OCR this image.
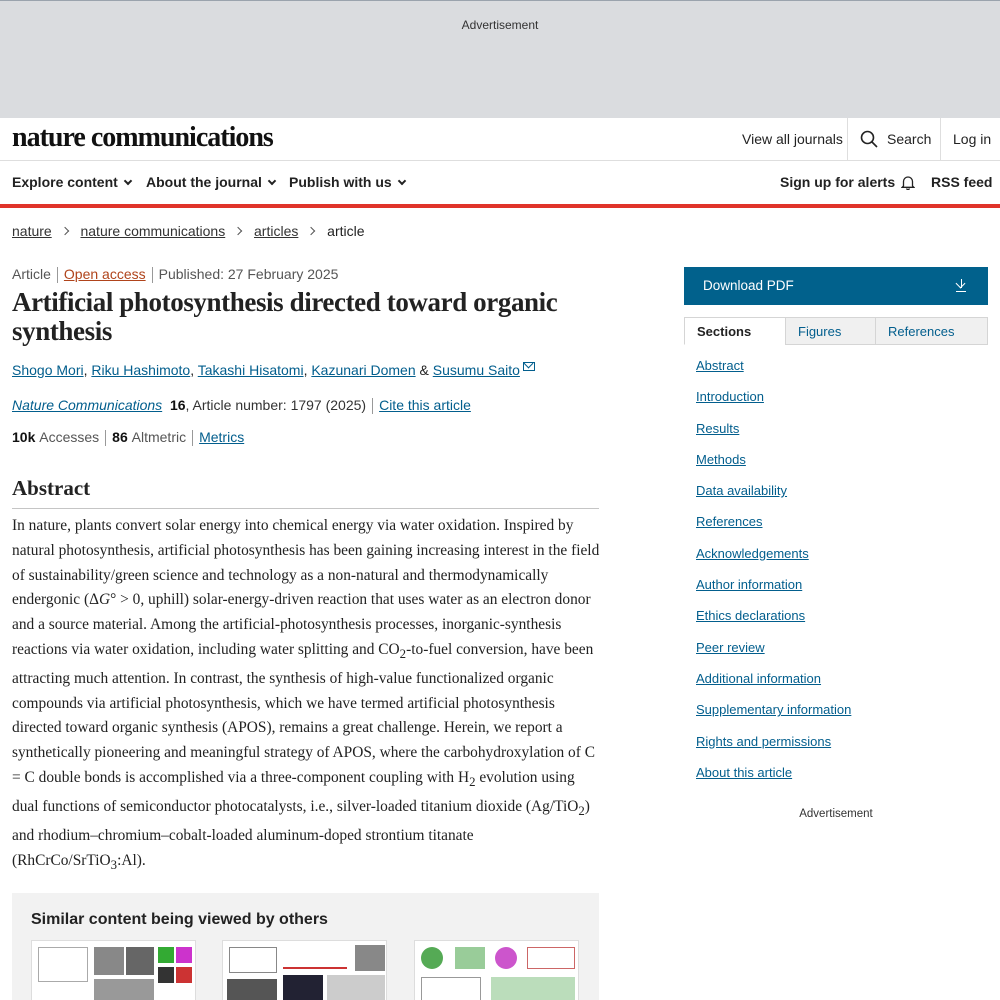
Advertisement
nature communications	View all journals	Search Log in
Explore content	About the journal	Publish with us	Sign up for alerts	RSS feed
nature nature communications articles article
Article Open access Published: 27 February 2025
Artificial photosynthesis directed toward organic synthesis
Shogo Mori, Riku Hashimoto, Takashi Hisatomi, Kazunari Domen & Susumu Saito
Nature Communications 16, Article number: 1797 (2025) Cite this article
10k Accesses 86 Altmetric Metrics
Abstract

In nature, plants convert solar energy into chemical energy via water oxidation. Inspired by natural photosynthesis, artificial photosynthesis has been gaining increasing interest in the field of sustainability/green science and technology as a non-natural and thermodynamically endergonic (ΔG° > 0, uphill) solar-energy-driven reaction that uses water as an electron donor and a source material. Among the artificial-photosynthesis processes, inorganic-synthesis reactions via water oxidation, including water splitting and $CO_2-to$-fuel conversion, have been attracting much attention. In contrast, the synthesis of high-value functionalized organic compounds via artificial photosynthesis, which we have termed artificial photosynthesis directed toward organic synthesis (APOS), remains a great challenge. Herein, we report a synthetically pioneering and meaningful strategy of APOS, where the carbohydroxylation of C = C double bonds is accomplished via a three-component coupling with $H_2$ evolution using dual functions of semiconductor photocatalysts, i.e., silver-loaded titanium dioxide (Ag/TiO$_2$) and rhodium–chromium–cobalt-loaded aluminum-doped strontium titanate (RhCrCo/SrTiO$_3$:Al).

Similar content being viewed by others
Download PDF
Sections	Figures	References
Abstract
Introduction
Results
Methods
Data availability
References
Acknowledgements
Author information
Ethics declarations
Peer review
Additional information
Supplementary information
Rights and permissions
About this article
Advertisement
